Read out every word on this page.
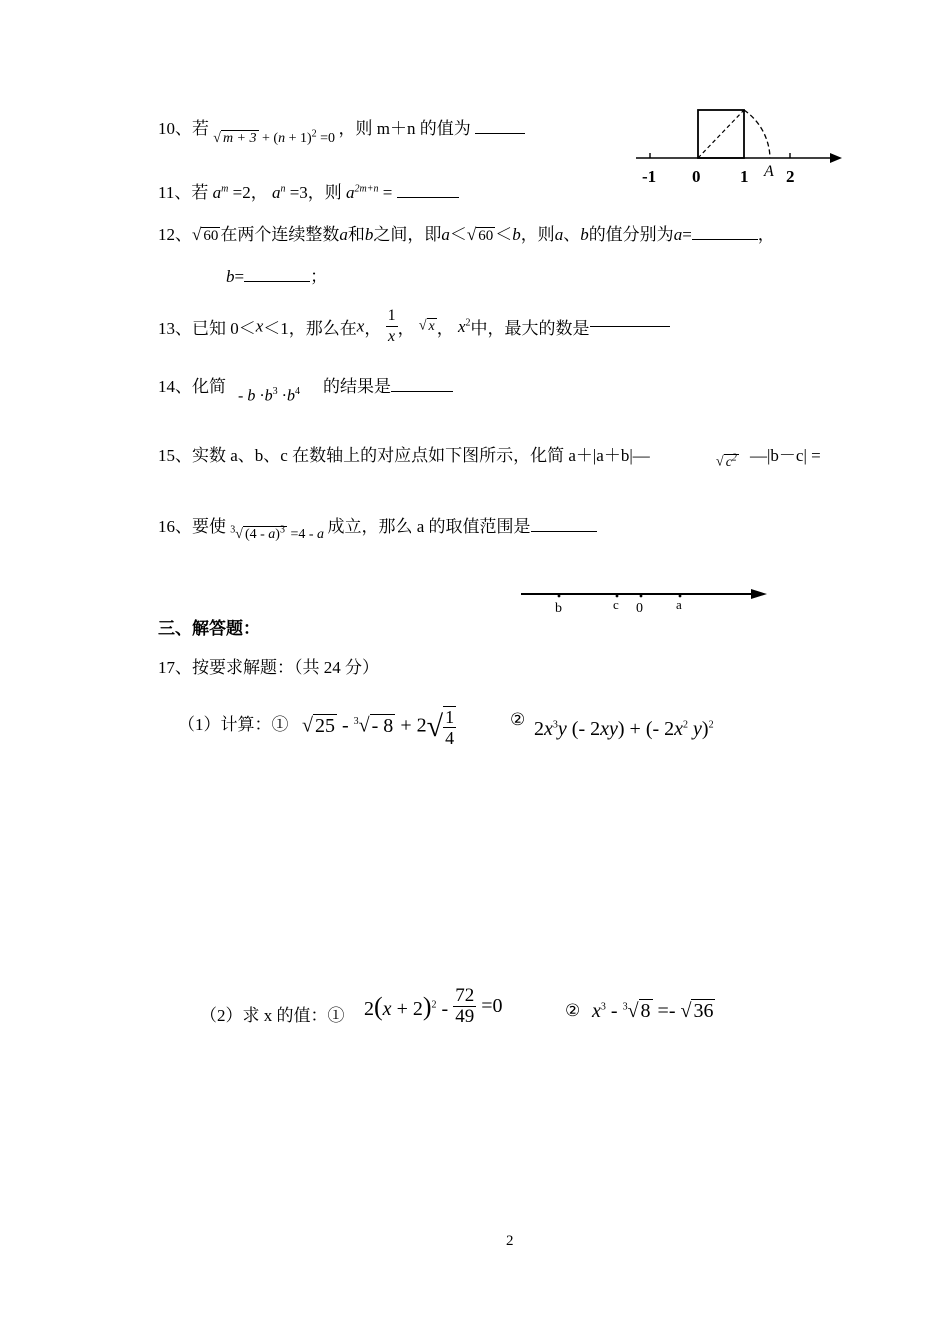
10、若 $_{√ m + 3 + (n + 1)^2 =0}$ ，则 m＋n 的值为
-1 0 1 A 2
11、若 $a^m =2$， $a^n =3$，则 $a^{2m+n}$ =
12、√ 60 在两个连续整数a和b之间，即a＜√ 60 ＜b，则a、b的值分别为a=	，
b=	；
13、已知 0＜x＜1，那么在x， $\frac{1}{x}$ ， √ x ， $x^2$中，最大的数是
14、化简 - $b \cdot b^3 \cdot b^4$ 的结果是
15、实数 a、b、c 在数轴上的对应点如下图所示，化简 a＋|a＋b|—	√ $c^2$ —|b－c| =
16、要使 $_{^3√ (4 - a)^3 =4 - a}$ 成立，那么 a 的取值范围是
b	c 0	a
三、解答题：
17、按要求解题：（共 24 分）
（1）计算：① √ $25 - ^3√ - 8 + 2√ \frac{1}{4}$	② $2x^3y$ (- 2xy) + (- $2x^2$ y)$^2$
（2）求 x 的值：① $2(x + 2)^2 - \frac{72}{49} =0$	② $x^3 - ^3√$ 8 =- √ 36
2
